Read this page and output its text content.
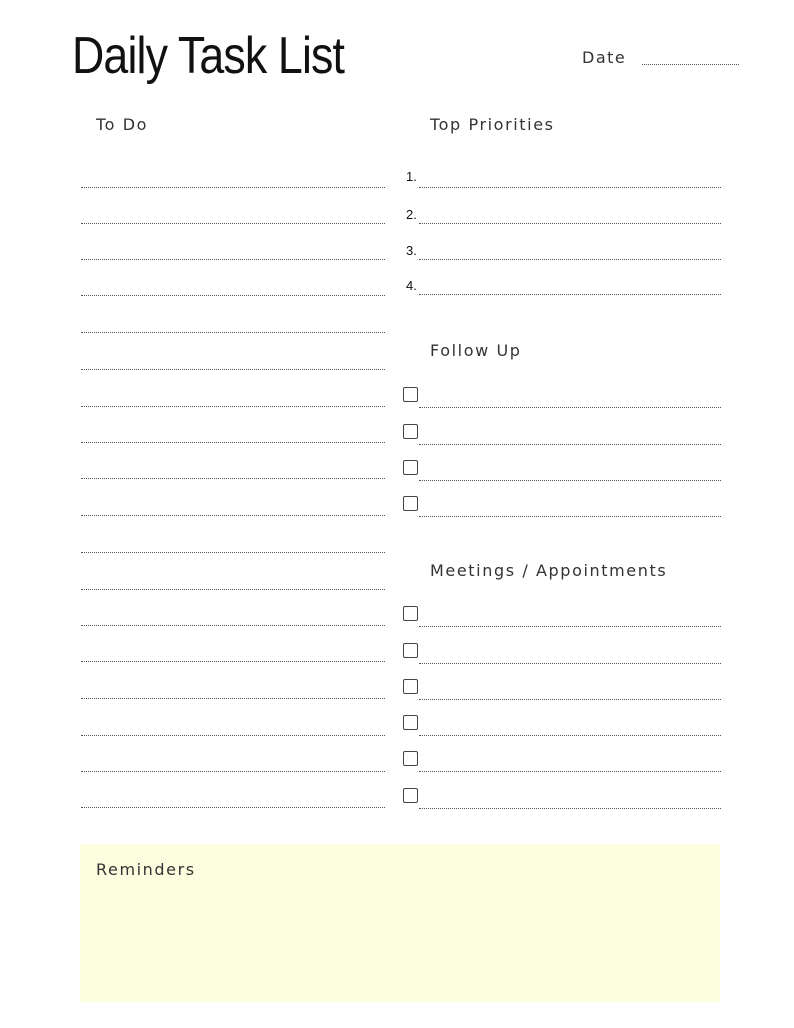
Daily Task List	Date
To Do	Top Priorities
1.
2.
3.
4.
Follow Up
Meetings / Appointments
Reminders
